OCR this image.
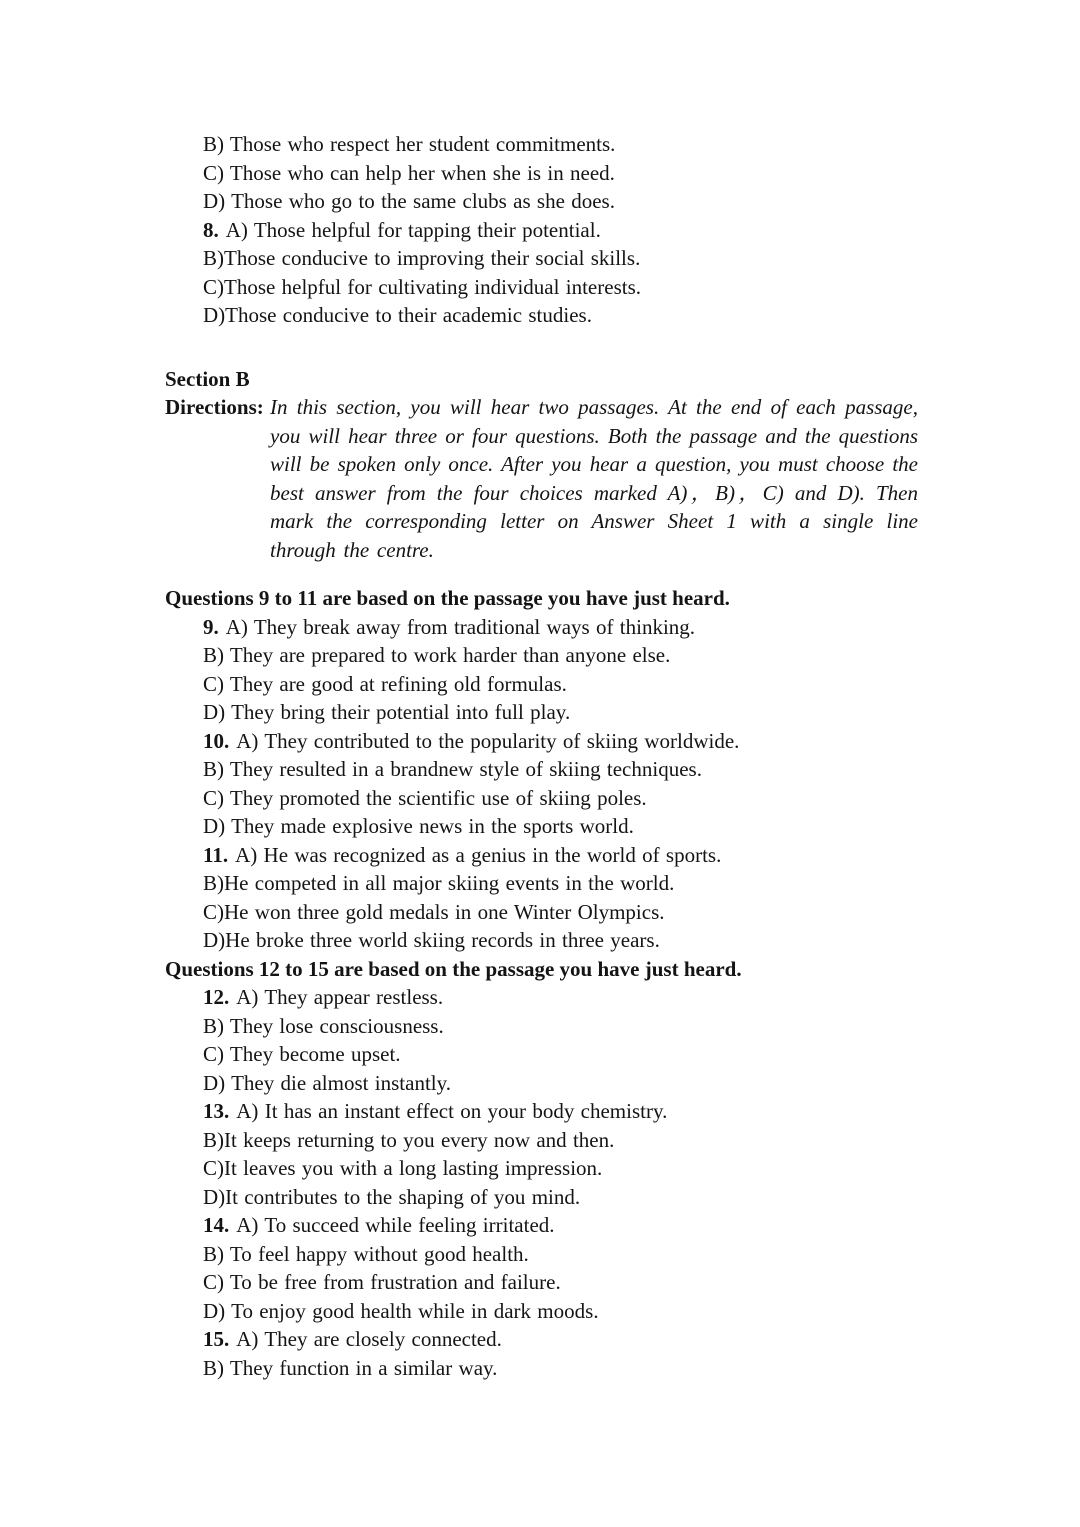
B) Those who respect her student commitments.
C) Those who can help her when she is in need.
D) Those who go to the same clubs as she does.
8. A) Those helpful for tapping their potential.
B)Those conducive to improving their social skills.
C)Those helpful for cultivating individual interests.
D)Those conducive to their academic studies.
Section B
Directions: In this section, you will hear two passages. At the end of each passage, you will hear three or four questions. Both the passage and the questions will be spoken only once. After you hear a question, you must choose the best answer from the four choices marked A)，B)，C) and D). Then mark the corresponding letter on Answer Sheet 1 with a single line through the centre.
Questions 9 to 11 are based on the passage you have just heard.
9. A) They break away from traditional ways of thinking.
B) They are prepared to work harder than anyone else.
C) They are good at refining old formulas.
D) They bring their potential into full play.
10. A) They contributed to the popularity of skiing worldwide.
B) They resulted in a brandnew style of skiing techniques.
C) They promoted the scientific use of skiing poles.
D) They made explosive news in the sports world.
11. A) He was recognized as a genius in the world of sports.
B)He competed in all major skiing events in the world.
C)He won three gold medals in one Winter Olympics.
D)He broke three world skiing records in three years.
Questions 12 to 15 are based on the passage you have just heard.
12. A) They appear restless.
B) They lose consciousness.
C) They become upset.
D) They die almost instantly.
13. A) It has an instant effect on your body chemistry.
B)It keeps returning to you every now and then.
C)It leaves you with a long lasting impression.
D)It contributes to the shaping of you mind.
14. A) To succeed while feeling irritated.
B) To feel happy without good health.
C) To be free from frustration and failure.
D) To enjoy good health while in dark moods.
15. A) They are closely connected.
B) They function in a similar way.
